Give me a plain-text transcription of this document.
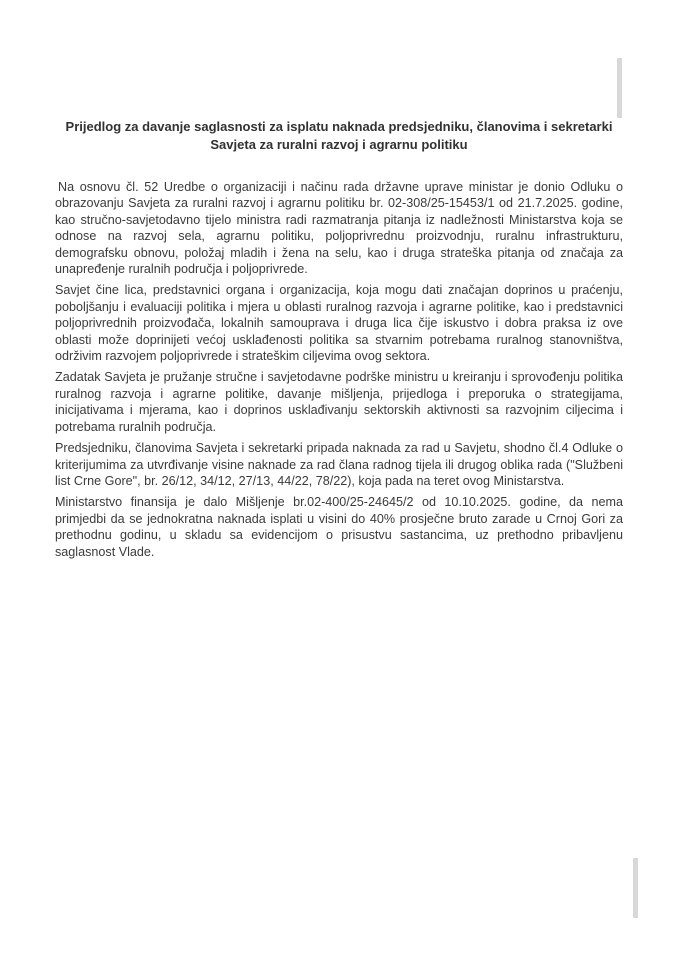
Prijedlog za davanje saglasnosti za isplatu naknada predsjedniku, članovima i sekretarki
Savjeta za ruralni razvoj i agrarnu politiku

Na osnovu čl. 52 Uredbe o organizaciji i načinu rada državne uprave ministar je donio Odluku o obrazovanju Savjeta za ruralni razvoj i agrarnu politiku br. 02-308/25-15453/1 od 21.7.2025. godine, kao stručno-savjetodavno tijelo ministra radi razmatranja pitanja iz nadležnosti Ministarstva koja se odnose na razvoj sela, agrarnu politiku, poljoprivrednu proizvodnju, ruralnu infrastrukturu, demografsku obnovu, položaj mladih i žena na selu, kao i druga strateška pitanja od značaja za unapređenje ruralnih područja i poljoprivrede.

Savjet čine lica, predstavnici organa i organizacija, koja mogu dati značajan doprinos u praćenju, poboljšanju i evaluaciji politika i mjera u oblasti ruralnog razvoja i agrarne politike, kao i predstavnici poljoprivrednih proizvođača, lokalnih samouprava i druga lica čije iskustvo i dobra praksa iz ove oblasti može doprinijeti većoj usklađenosti politika sa stvarnim potrebama ruralnog stanovništva, održivim razvojem poljoprivrede i strateškim ciljevima ovog sektora.

Zadatak Savjeta je pružanje stručne i savjetodavne podrške ministru u kreiranju i sprovođenju politika ruralnog razvoja i agrarne politike, davanje mišljenja, prijedloga i preporuka o strategijama, inicijativama i mjerama, kao i doprinos usklađivanju sektorskih aktivnosti sa razvojnim ciljecima i potrebama ruralnih područja.

Predsjedniku, članovima Savjeta i sekretarki pripada naknada za rad u Savjetu, shodno čl.4 Odluke o kriterijumima za utvrđivanje visine naknade za rad člana radnog tijela ili drugog oblika rada ("Službeni list Crne Gore", br. 26/12, 34/12, 27/13, 44/22, 78/22), koja pada na teret ovog Ministarstva.

Ministarstvo finansija je dalo Mišljenje br.02-400/25-24645/2 od 10.10.2025. godine, da nema primjedbi da se jednokratna naknada isplati u visini do 40% prosječne bruto zarade u Crnoj Gori za prethodnu godinu, u skladu sa evidencijom o prisustvu sastancima, uz prethodno pribavljenu saglasnost Vlade.
